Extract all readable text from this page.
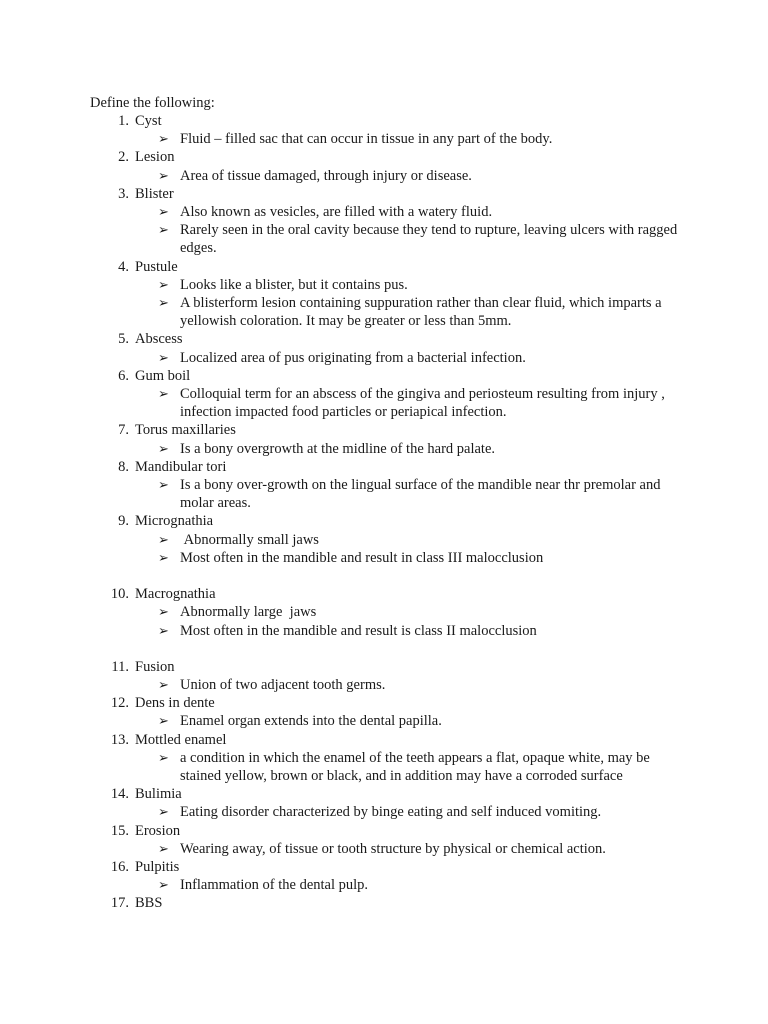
Define the following:
1. Cyst
➢ Fluid – filled sac that can occur in tissue in any part of the body.
2. Lesion
➢ Area of tissue damaged, through injury or disease.
3. Blister
➢ Also known as vesicles, are filled with a watery fluid.
➢ Rarely seen in the oral cavity because they tend to rupture, leaving ulcers with ragged edges.
4. Pustule
➢ Looks like a blister, but it contains pus.
➢ A blisterform lesion containing suppuration rather than clear fluid, which imparts a yellowish coloration. It may be greater or less than 5mm.
5. Abscess
➢ Localized area of pus originating from a bacterial infection.
6. Gum boil
➢ Colloquial term for an abscess of the gingiva and periosteum resulting from injury , infection impacted food particles or periapical infection.
7. Torus maxillaries
➢ Is a bony overgrowth at the midline of the hard palate.
8. Mandibular tori
➢ Is a bony over-growth on the lingual surface of the mandible near thr premolar and molar areas.
9. Micrognathia
➢ Abnormally small jaws
➢ Most often in the mandible and result in class III malocclusion
10. Macrognathia
➢ Abnormally large  jaws
➢ Most often in the mandible and result is class II malocclusion
11. Fusion
➢ Union of two adjacent tooth germs.
12. Dens in dente
➢ Enamel organ extends into the dental papilla.
13. Mottled enamel
➢ a condition in which the enamel of the teeth appears a flat, opaque white, may be stained yellow, brown or black, and in addition may have a corroded surface
14. Bulimia
➢ Eating disorder characterized by binge eating and self induced vomiting.
15. Erosion
➢ Wearing away, of tissue or tooth structure by physical or chemical action.
16. Pulpitis
➢ Inflammation of the dental pulp.
17. BBS
